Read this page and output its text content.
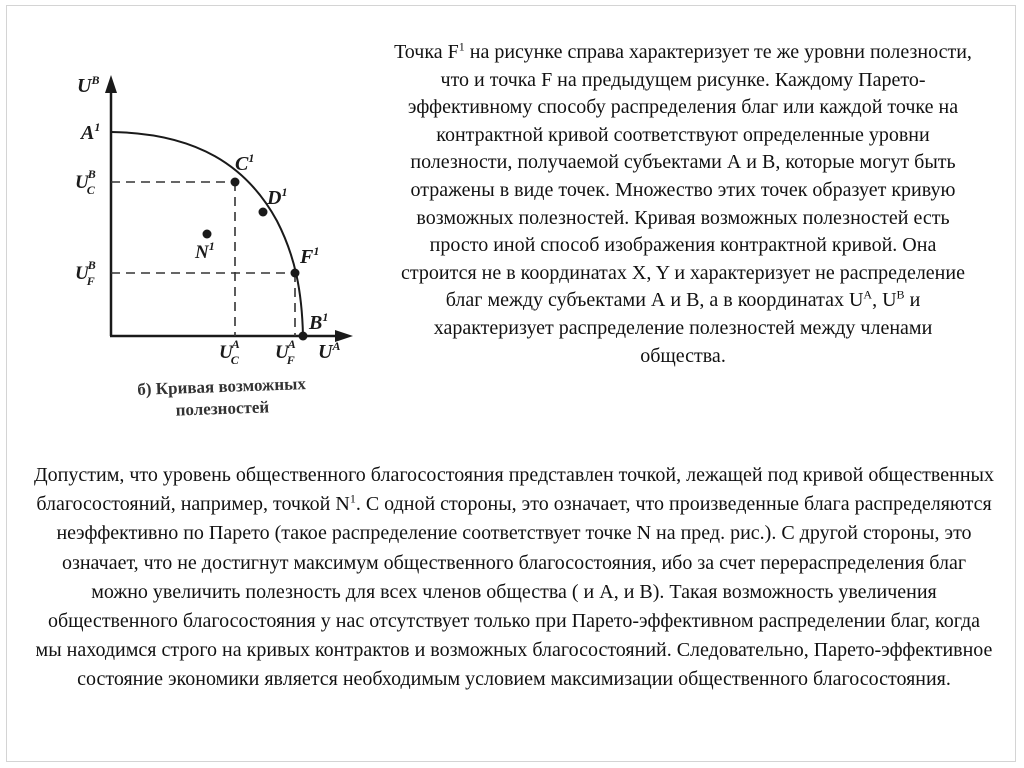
$U^B$
$U^A$
$A^1$
$C^1$
$D^1$
$F^1$
$B^1$
$N^1$
UB C
UB F
UA C UA F
б) Кривая возможных
полезностей

Точка $F^1$ на рисунке справа характеризует те же уровни полезности, что и точка F на предыдущем рисунке. Каждому Парето-эффективному способу распределения благ или каждой точке на контрактной кривой соответствуют определенные уровни полезности, получаемой субъектами А и В, которые могут быть отражены в виде точек. Множество этих точек образует кривую возможных полезностей. Кривая возможных полезностей есть просто иной способ изображения контрактной кривой. Она строится не в координатах X, Y и характеризует не распределение благ между субъектами А и В, а в координатах $U^A$, $U^B$ и характеризует распределение полезностей между членами общества.

Допустим, что уровень общественного благосостояния представлен точкой, лежащей под кривой общественных благосостояний, например, точкой $N^1$. С одной стороны, это означает, что произведенные блага распределяются неэффективно по Парето (такое распределение соответствует точке N на пред. рис.). С другой стороны, это означает, что не достигнут максимум общественного благосостояния, ибо за счет перераспределения благ можно увеличить полезность для всех членов общества ( и А, и В). Такая возможность увеличения общественного благосостояния у нас отсутствует только при Парето-эффективном распределении благ, когда мы находимся строго на кривых контрактов и возможных благосостояний. Следовательно, Парето-эффективное состояние экономики является необходимым условием максимизации общественного благосостояния.
